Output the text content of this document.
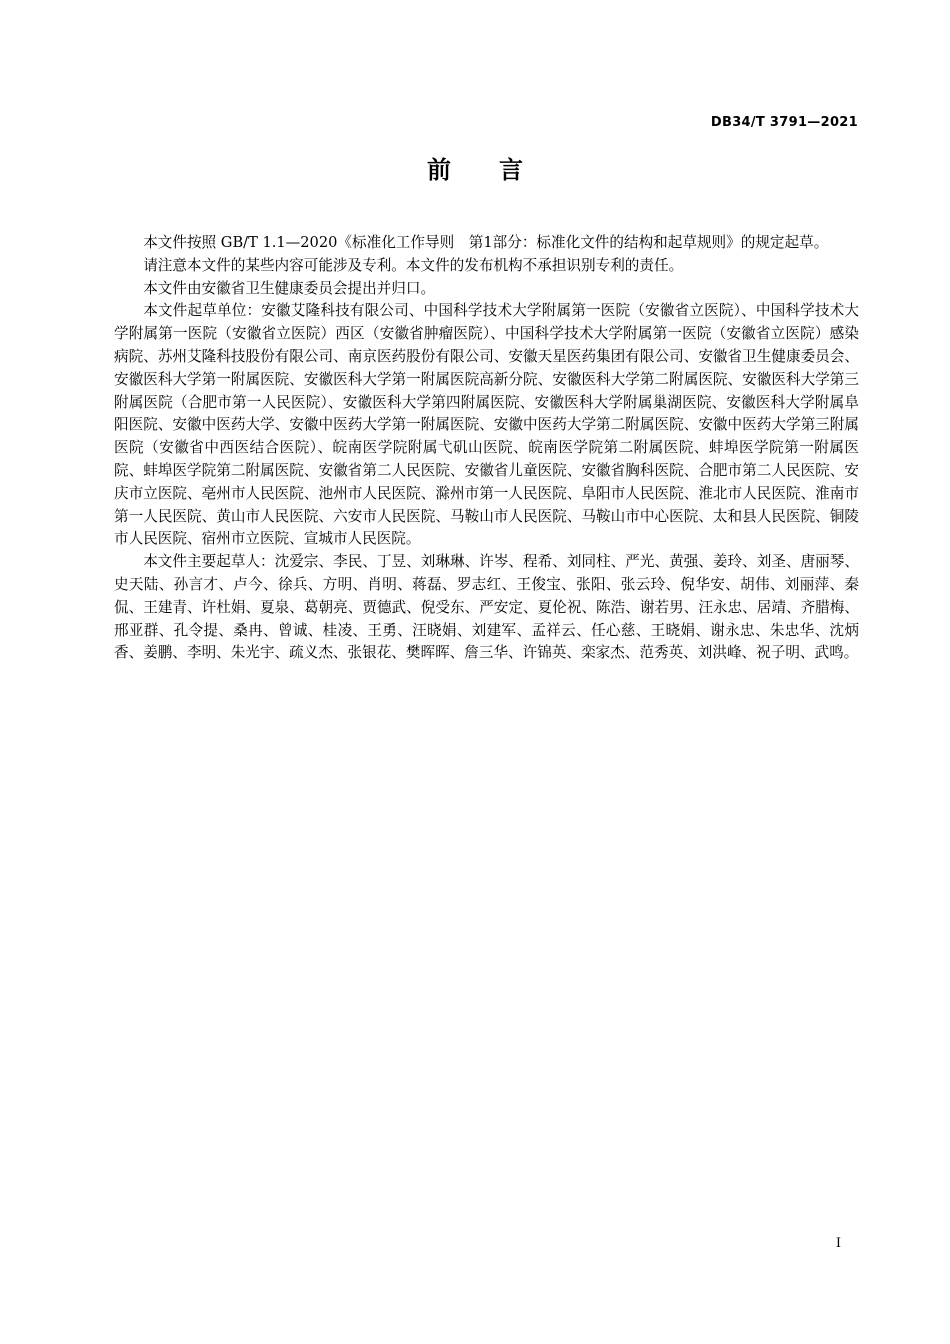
DB34/T 3791—2021

前言

本文件按照 GB/T 1.1—2020《标准化工作导则　第1部分：标准化文件的结构和起草规则》的规定起草。

请注意本文件的某些内容可能涉及专利。本文件的发布机构不承担识别专利的责任。

本文件由安徽省卫生健康委员会提出并归口。

本文件起草单位：安徽艾隆科技有限公司、中国科学技术大学附属第一医院（安徽省立医院）、中国科学技术大学附属第一医院（安徽省立医院）西区（安徽省肿瘤医院）、中国科学技术大学附属第一医院（安徽省立医院）感染病院、苏州艾隆科技股份有限公司、南京医药股份有限公司、安徽天星医药集团有限公司、安徽省卫生健康委员会、安徽医科大学第一附属医院、安徽医科大学第一附属医院高新分院、安徽医科大学第二附属医院、安徽医科大学第三附属医院（合肥市第一人民医院）、安徽医科大学第四附属医院、安徽医科大学附属巢湖医院、安徽医科大学附属阜阳医院、安徽中医药大学、安徽中医药大学第一附属医院、安徽中医药大学第二附属医院、安徽中医药大学第三附属医院（安徽省中西医结合医院）、皖南医学院附属弋矶山医院、皖南医学院第二附属医院、蚌埠医学院第一附属医院、蚌埠医学院第二附属医院、安徽省第二人民医院、安徽省儿童医院、安徽省胸科医院、合肥市第二人民医院、安庆市立医院、亳州市人民医院、池州市人民医院、滁州市第一人民医院、阜阳市人民医院、淮北市人民医院、淮南市第一人民医院、黄山市人民医院、六安市人民医院、马鞍山市人民医院、马鞍山市中心医院、太和县人民医院、铜陵市人民医院、宿州市立医院、宣城市人民医院。

本文件主要起草人：沈爱宗、李民、丁昱、刘琳琳、许岑、程希、刘同柱、严光、黄强、姜玲、刘圣、唐丽琴、史天陆、孙言才、卢今、徐兵、方明、肖明、蒋磊、罗志红、王俊宝、张阳、张云玲、倪华安、胡伟、刘丽萍、秦侃、王建青、许杜娟、夏泉、葛朝亮、贾德武、倪受东、严安定、夏伦祝、陈浩、谢若男、汪永忠、居靖、齐腊梅、邢亚群、孔令提、桑冉、曾诚、桂凌、王勇、汪晓娟、刘建军、孟祥云、任心慈、王晓娟、谢永忠、朱忠华、沈炳香、姜鹏、李明、朱光宇、疏义杰、张银花、樊晖晖、詹三华、许锦英、栾家杰、范秀英、刘洪峰、祝子明、武鸣。

I
